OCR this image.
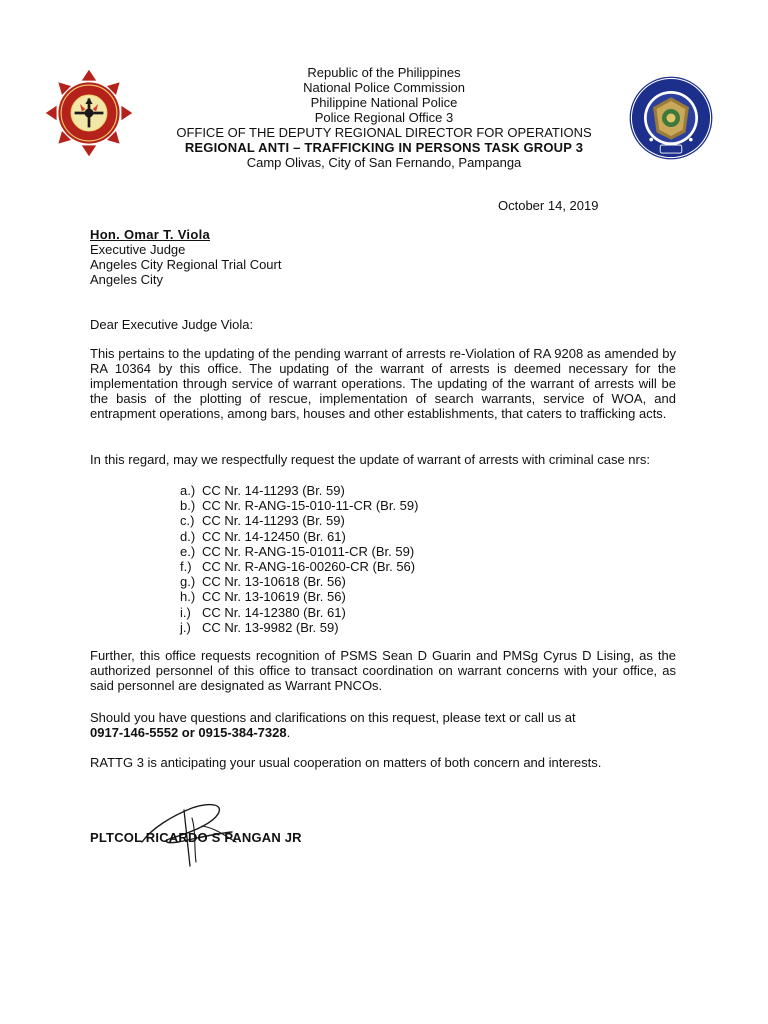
Republic of the Philippines
National Police Commission
Philippine National Police
Police Regional Office 3
OFFICE OF THE DEPUTY REGIONAL DIRECTOR FOR OPERATIONS
REGIONAL ANTI – TRAFFICKING IN PERSONS TASK GROUP 3
Camp Olivas, City of San Fernando, Pampanga
October 14, 2019
Hon. Omar T. Viola
Executive Judge
Angeles City Regional Trial Court
Angeles City

Dear Executive Judge Viola:

This pertains to the updating of the pending warrant of arrests re-Violation of RA 9208 as amended by RA 10364 by this office. The updating of the warrant of arrests is deemed necessary for the implementation through service of warrant operations. The updating of the warrant of arrests will be the basis of the plotting of rescue, implementation of search warrants, service of WOA, and entrapment operations, among bars, houses and other establishments, that caters to trafficking acts.

In this regard, may we respectfully request the update of warrant of arrests with criminal case nrs:

a.) CC Nr. 14-11293 (Br. 59)
b.) CC Nr. R-ANG-15-010-11-CR (Br. 59)
c.) CC Nr. 14-11293 (Br. 59)
d.) CC Nr. 14-12450 (Br. 61)
e.) CC Nr. R-ANG-15-01011-CR (Br. 59)
f.) CC Nr. R-ANG-16-00260-CR (Br. 56)
g.) CC Nr. 13-10618 (Br. 56)
h.) CC Nr. 13-10619 (Br. 56)
i.) CC Nr. 14-12380 (Br. 61)
j.) CC Nr. 13-9982 (Br. 59)

Further, this office requests recognition of PSMS Sean D Guarin and PMSg Cyrus D Lising, as the authorized personnel of this office to transact coordination on warrant concerns with your office, as said personnel are designated as Warrant PNCOs.

Should you have questions and clarifications on this request, please text or call us at
0917-146-5552 or 0915-384-7328.

RATTG 3 is anticipating your usual cooperation on matters of both concern and interests.

PLTCOL RICARDO S PANGAN JR
